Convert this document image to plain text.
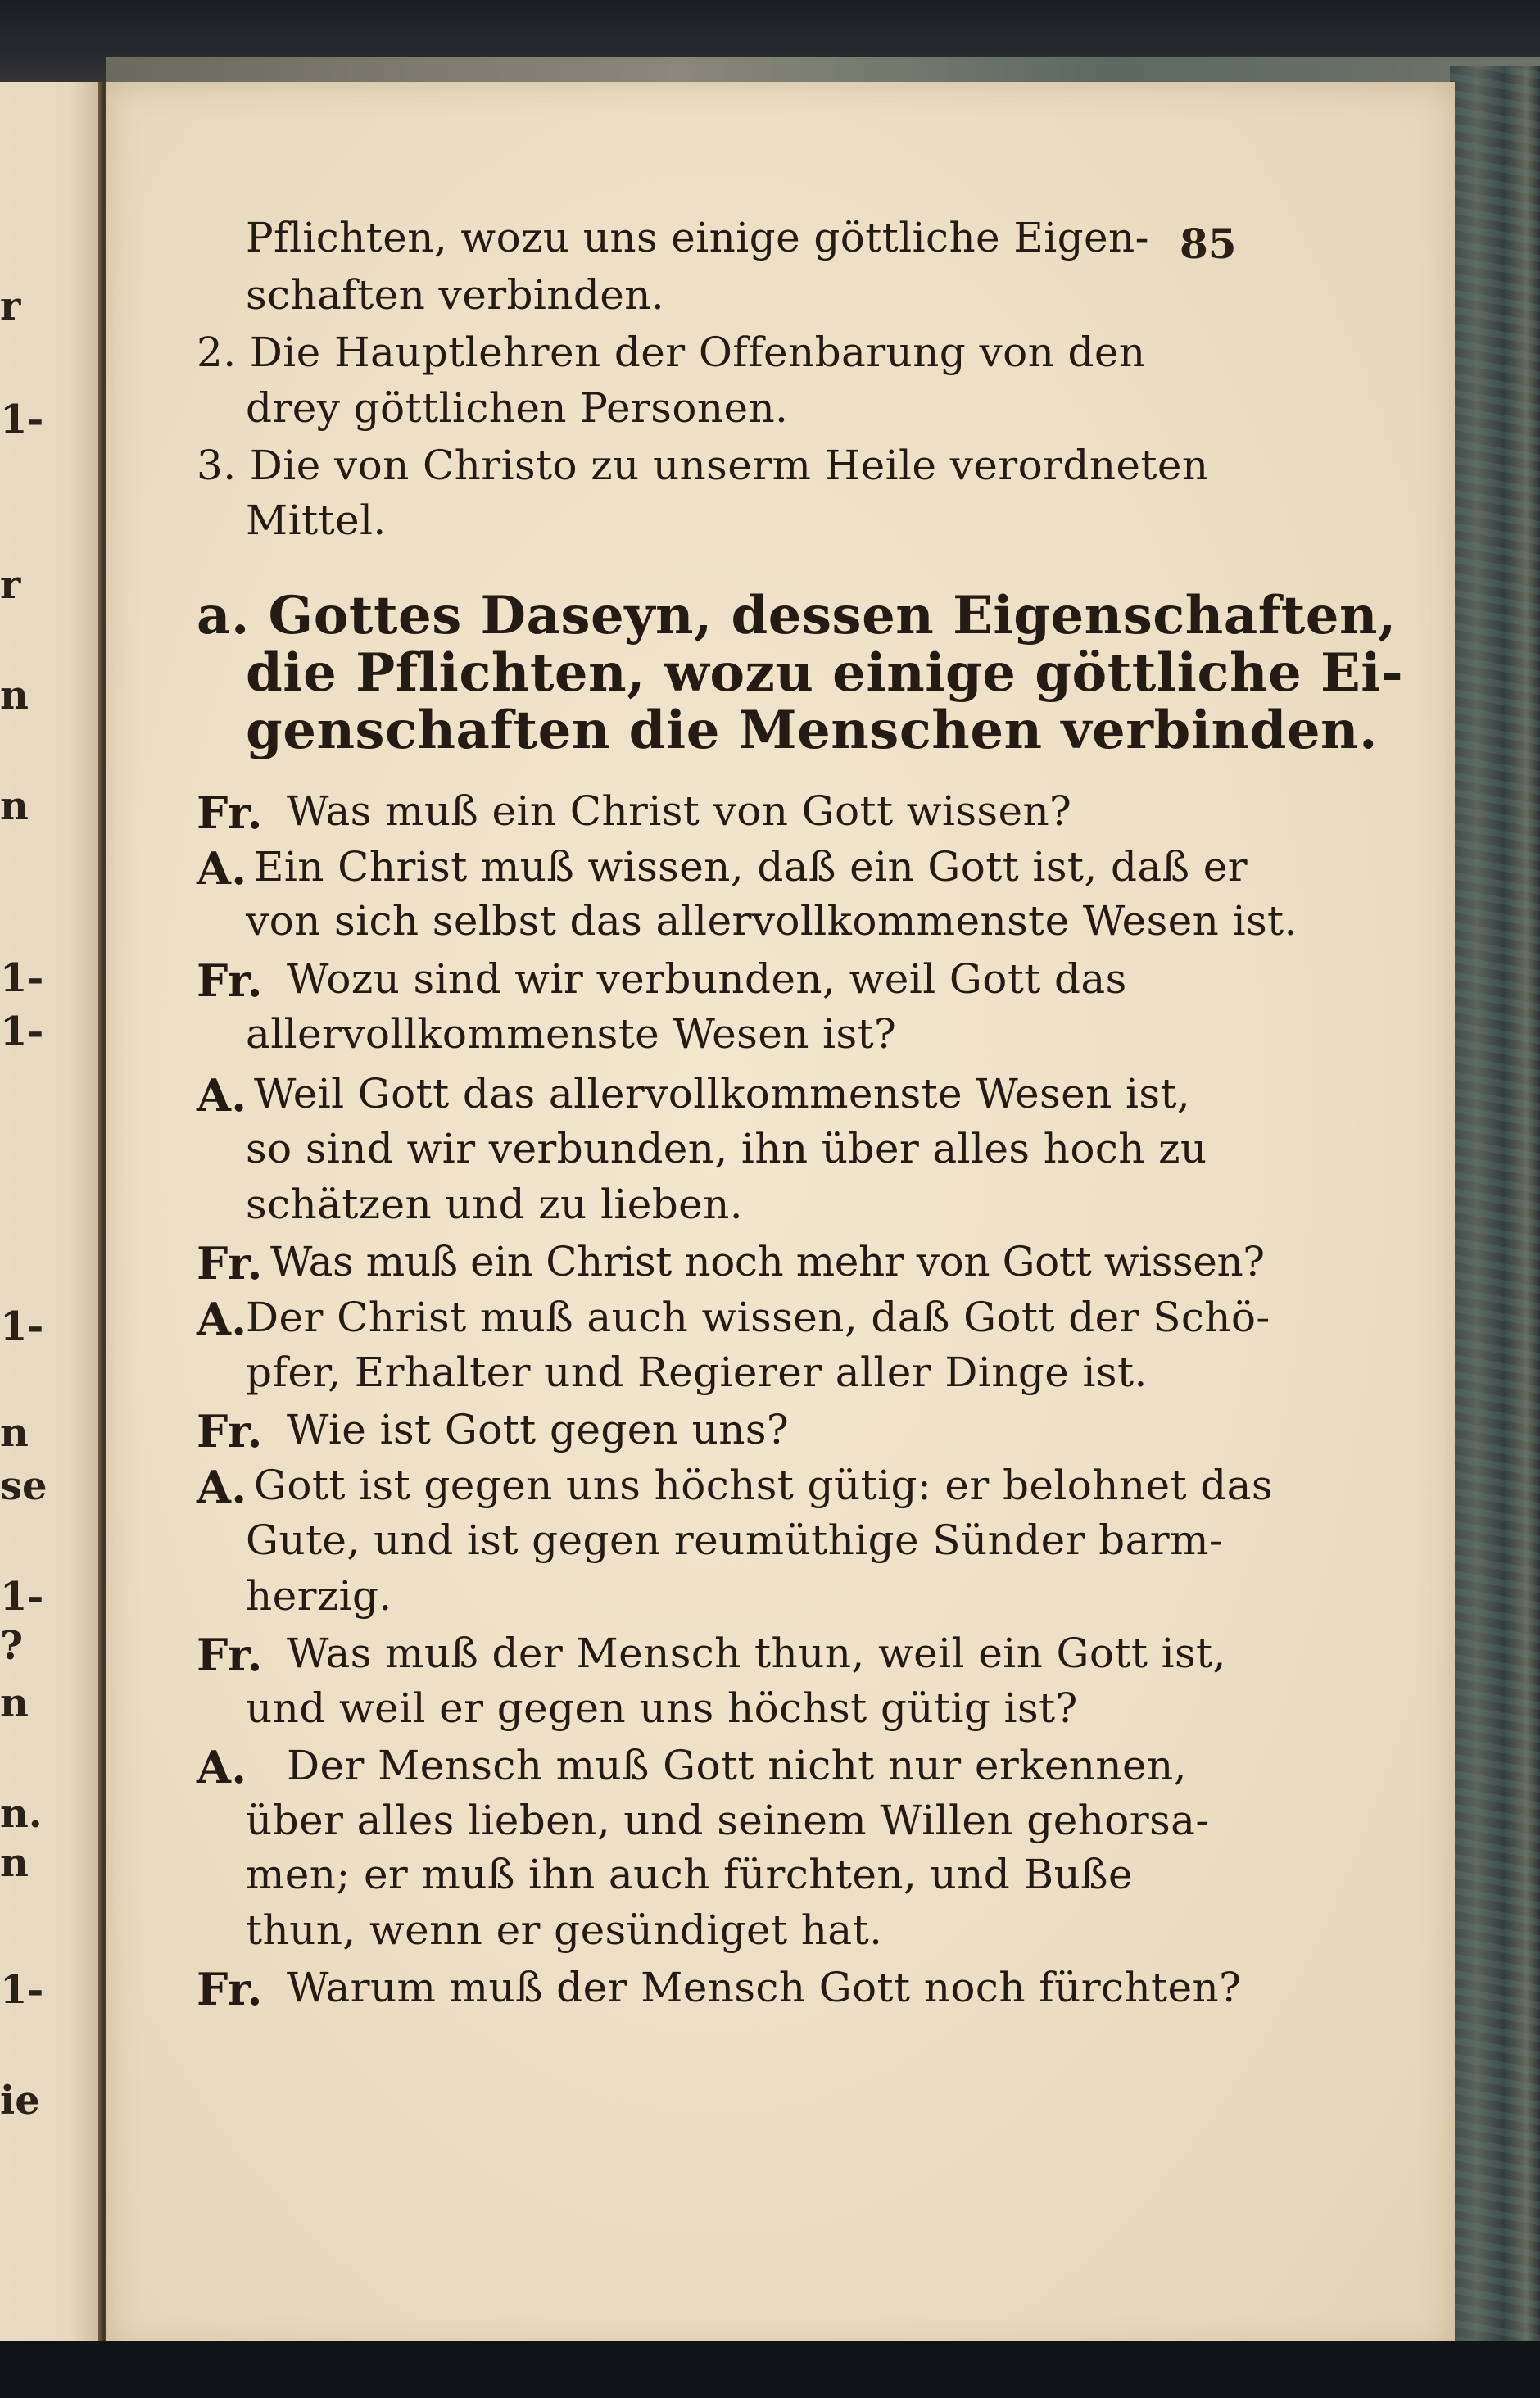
r
1-
r
n
n
1-
1-
1-
n
se
1-
?
n
n.
n
1-
ie
85
Pflichten, wozu uns einige göttliche Eigen-
schaften verbinden.
2. Die Hauptlehren der Offenbarung von den
drey göttlichen Personen.
3. Die von Christo zu unserm Heile verordneten
Mittel.
a. Gottes Daseyn, dessen Eigenschaften,
die Pflichten, wozu einige göttliche Ei-
genschaften die Menschen verbinden.
Fr. Was muß ein Christ von Gott wissen?
A. Ein Christ muß wissen, daß ein Gott ist, daß er
von sich selbst das allervollkommenste Wesen ist.
Fr. Wozu sind wir verbunden, weil Gott das
allervollkommenste Wesen ist?
A. Weil Gott das allervollkommenste Wesen ist,
so sind wir verbunden, ihn über alles hoch zu
schätzen und zu lieben.
Fr. Was muß ein Christ noch mehr von Gott wissen?
A.
Der Christ muß auch wissen, daß Gott der Schö-
pfer, Erhalter und Regierer aller Dinge ist.
Fr. Wie ist Gott gegen uns?
A. Gott ist gegen uns höchst gütig: er belohnet das
Gute, und ist gegen reumüthige Sünder barm-
herzig.
Fr. Was muß der Mensch thun, weil ein Gott ist,
und weil er gegen uns höchst gütig ist?
A. Der Mensch muß Gott nicht nur erkennen,
über alles lieben, und seinem Willen gehorsa-
men; er muß ihn auch fürchten, und Buße
thun, wenn er gesündiget hat.
Fr. Warum muß der Mensch Gott noch fürchten?
